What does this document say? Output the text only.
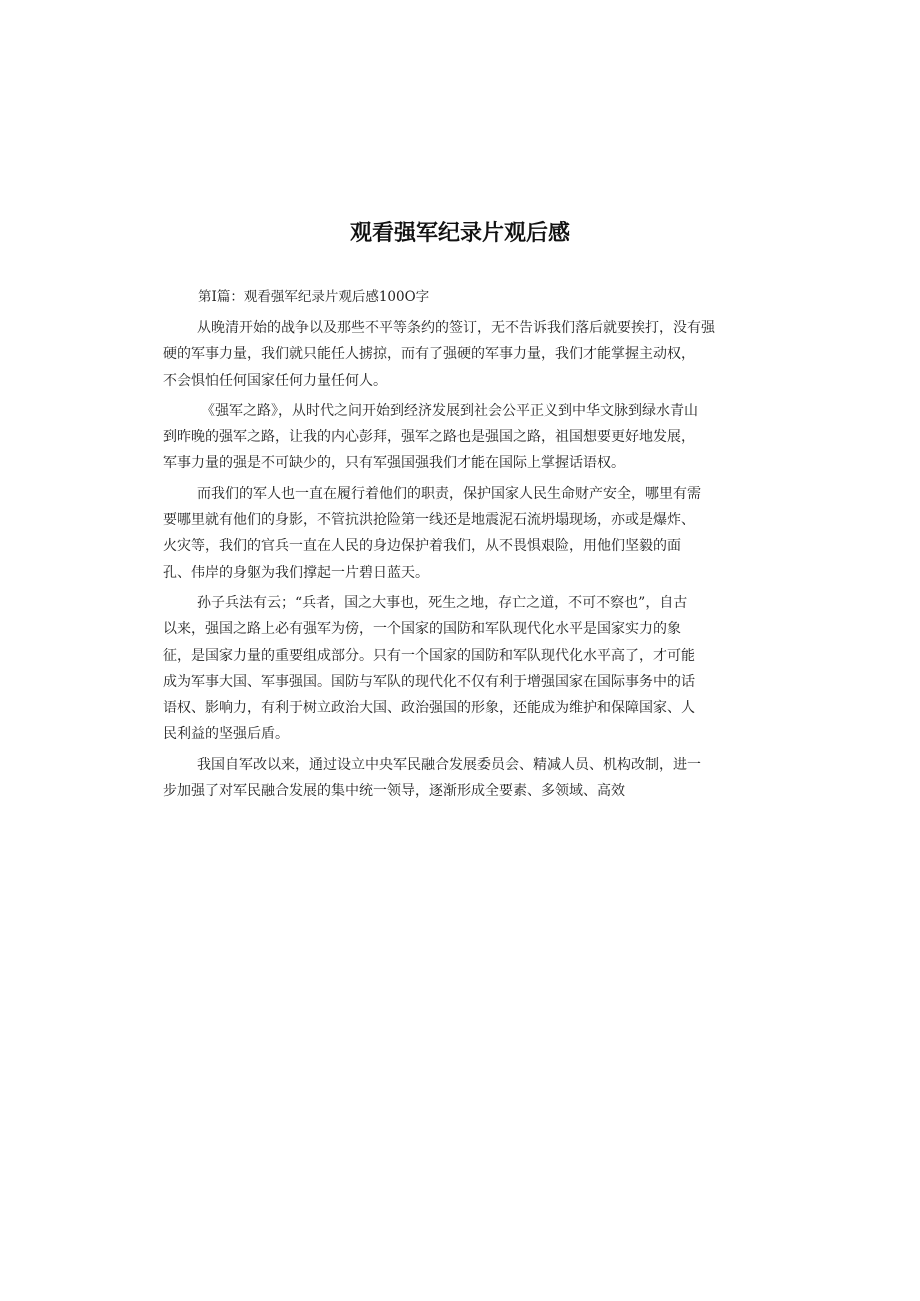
观看强军纪录片观后感
第Ⅰ篇：观看强军纪录片观后感100O字
从晚清开始的战争以及那些不平等条约的签订，无不告诉我们落后就要挨打，没有强
硬的军事力量，我们就只能任人掳掠，而有了强硬的军事力量，我们才能掌握主动权，
不会惧怕任何国家任何力量任何人。
《强军之路》，从时代之问开始到经济发展到社会公平正义到中华文脉到绿水青山
到昨晚的强军之路，让我的内心彭拜，强军之路也是强国之路，祖国想要更好地发展，
军事力量的强是不可缺少的，只有军强国强我们才能在国际上掌握话语权。
而我们的军人也一直在履行着他们的职责，保护国家人民生命财产安全，哪里有需
要哪里就有他们的身影，不管抗洪抢险第一线还是地震泥石流坍塌现场，亦或是爆炸、
火灾等，我们的官兵一直在人民的身边保护着我们，从不畏惧艰险，用他们坚毅的面
孔、伟岸的身躯为我们撑起一片碧日蓝天。
孙子兵法有云；“兵者，国之大事也，死生之地，存亡之道，不可不察也”，自古
以来，强国之路上必有强军为傍，一个国家的国防和军队现代化水平是国家实力的象
征，是国家力量的重要组成部分。只有一个国家的国防和军队现代化水平高了，才可能
成为军事大国、军事强国。国防与军队的现代化不仅有利于增强国家在国际事务中的话
语权、影响力，有利于树立政治大国、政治强国的形象，还能成为维护和保障国家、人
民利益的坚强后盾。
我国自军改以来，通过设立中央军民融合发展委员会、精减人员、机构改制，进一
步加强了对军民融合发展的集中统一领导，逐渐形成全要素、多领域、高效
